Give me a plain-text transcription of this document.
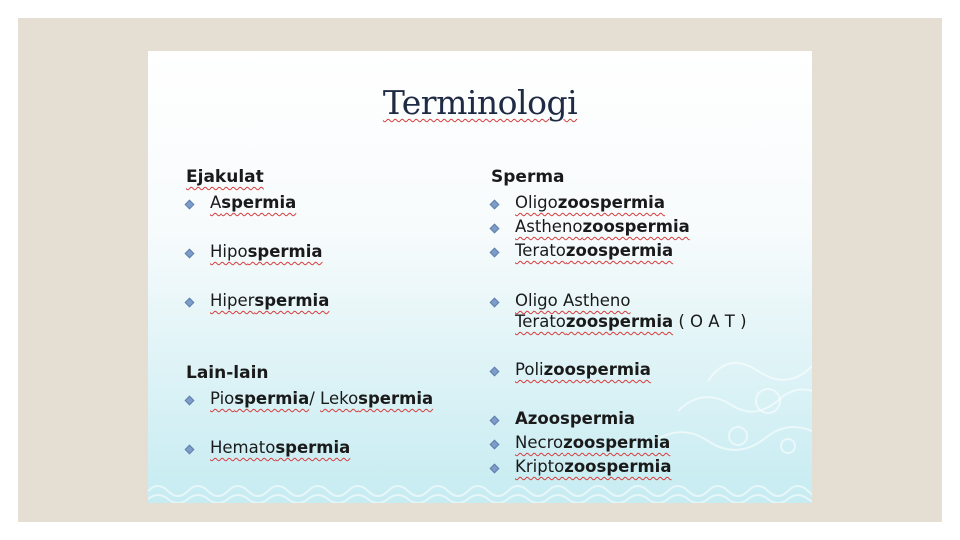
Terminologi
Ejakulat
Aspermia
Hipospermia
Hiperspermia
Lain-lain
Piospermia/ Lekospermia
Hematospermia
Sperma
Oligozoospermia
Asthenozoospermia
Teratozoospermia
Oligo Astheno
Teratozoospermia ( O A T )
Polizoospermia
Azoospermia
Necrozoospermia
Kriptozoospermia
